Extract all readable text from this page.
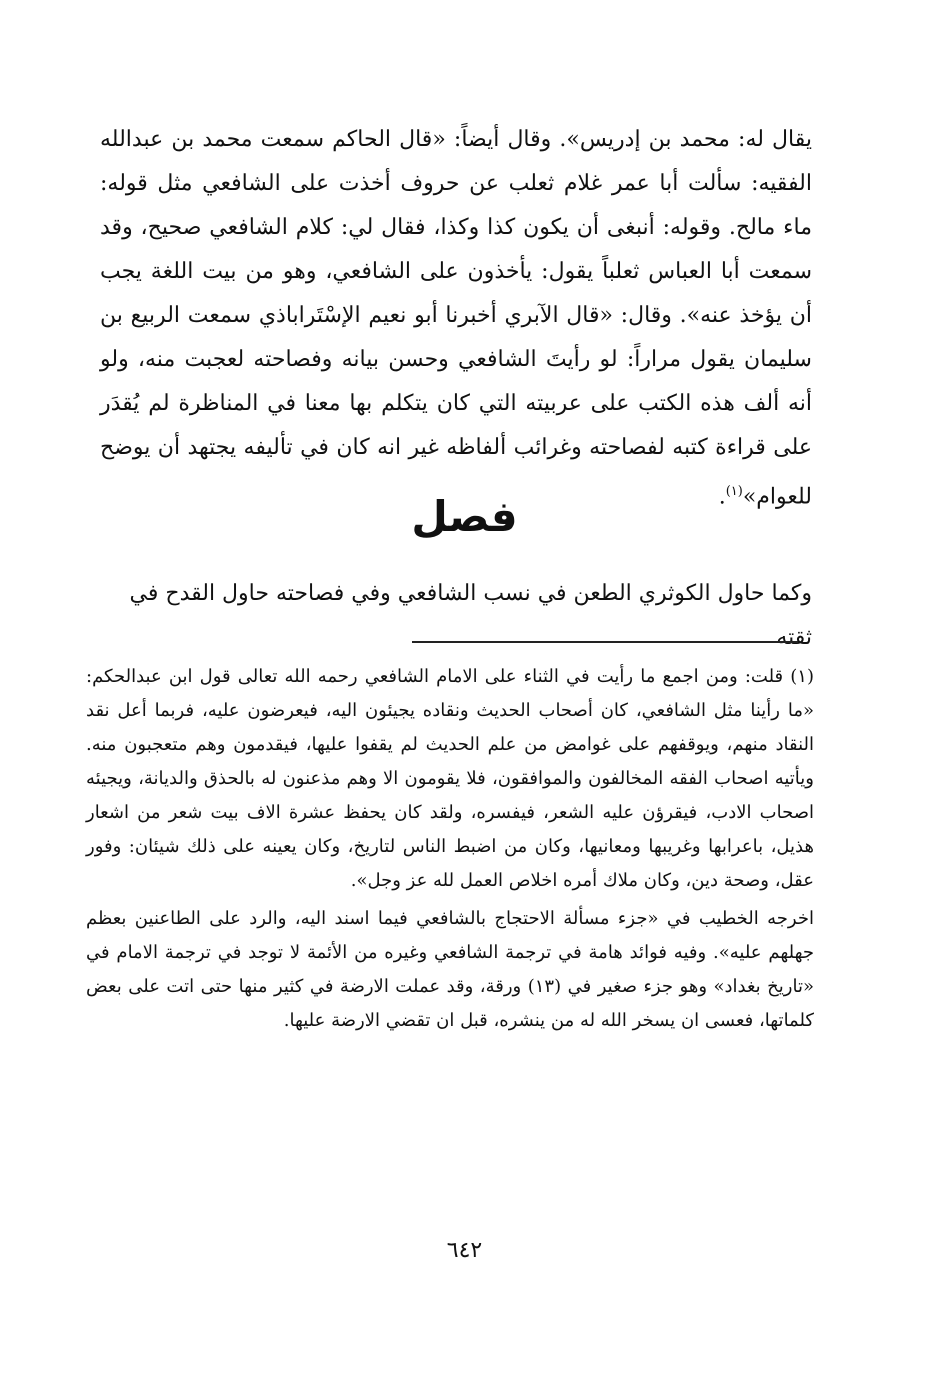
يقال له: محمد بن إدريس». وقال أيضاً: «قال الحاكم سمعت محمد بن عبدالله الفقيه: سألت أبا عمر غلام ثعلب عن حروف أخذت على الشافعي مثل قوله: ماء مالح. وقوله: أنبغى أن يكون كذا وكذا، فقال لي: كلام الشافعي صحيح، وقد سمعت أبا العباس ثعلباً يقول: يأخذون على الشافعي، وهو من بيت اللغة يجب أن يؤخذ عنه». وقال: «قال الآبري أخبرنا أبو نعيم الإسْتَراباذي سمعت الربيع بن سليمان يقول مراراً: لو رأيتَ الشافعي وحسن بيانه وفصاحته لعجبت منه، ولو أنه ألف هذه الكتب على عربيته التي كان يتكلم بها معنا في المناظرة لم يُقدَر على قراءة كتبه لفصاحته وغرائب ألفاظه غير انه كان في تأليفه يجتهد أن يوضح للعوام»$^{(١)}$.

فصل
وكما حاول الكوثري الطعن في نسب الشافعي وفي فصاحته حاول القدح في ثقته

(١) قلت: ومن اجمع ما رأيت في الثناء على الامام الشافعي رحمه الله تعالى قول ابن عبدالحكم: «ما رأينا مثل الشافعي، كان أصحاب الحديث ونقاده يجيئون اليه، فيعرضون عليه، فربما أعل نقد النقاد منهم، ويوقفهم على غوامض من علم الحديث لم يقفوا عليها، فيقدمون وهم متعجبون منه. ويأتيه اصحاب الفقه المخالفون والموافقون، فلا يقومون الا وهم مذعنون له بالحذق والديانة، ويجيئه اصحاب الادب، فيقرؤن عليه الشعر، فيفسره، ولقد كان يحفظ عشرة الاف بيت شعر من اشعار هذيل، باعرابها وغريبها ومعانيها، وكان من اضبط الناس لتاريخ، وكان يعينه على ذلك شيئان: وفور عقل، وصحة دين، وكان ملاك أمره اخلاص العمل لله عز وجل».

اخرجه الخطيب في «جزء مسألة الاحتجاج بالشافعي فيما اسند اليه، والرد على الطاعنين بعظم جهلهم عليه». وفيه فوائد هامة في ترجمة الشافعي وغيره من الأئمة لا توجد في ترجمة الامام في «تاريخ بغداد» وهو جزء صغير في (١٣) ورقة، وقد عملت الارضة في كثير منها حتى اتت على بعض كلماتها، فعسى ان يسخر الله له من ينشره، قبل ان تقضي الارضة عليها.

٦٤٢
